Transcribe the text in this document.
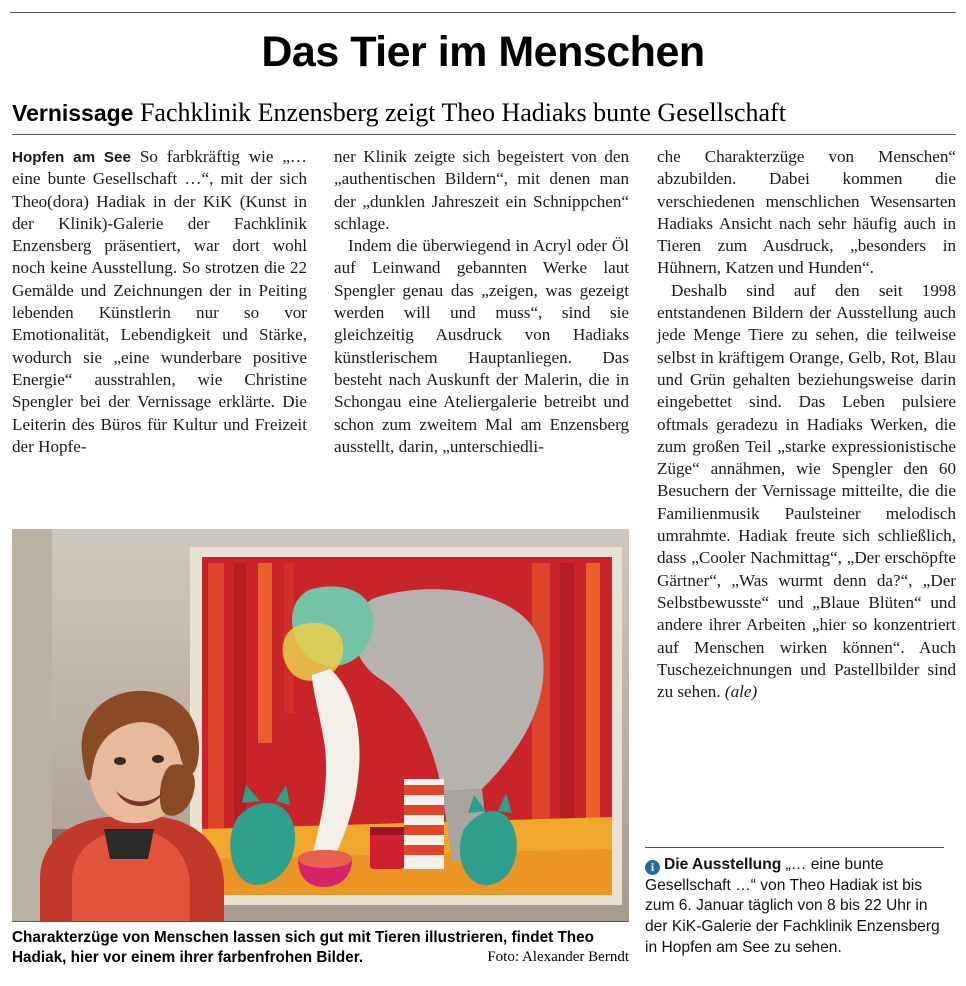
Das Tier im Menschen
Vernissage Fachklinik Enzensberg zeigt Theo Hadiaks bunte Gesellschaft

Hopfen am See So farbkräftig wie „… eine bunte Gesellschaft …“, mit der sich Theo(dora) Hadiak in der KiK (Kunst in der Klinik)-Galerie der Fachklinik Enzensberg präsentiert, war dort wohl noch keine Ausstellung. So strotzen die 22 Gemälde und Zeichnungen der in Peiting lebenden Künstlerin nur so vor Emotionalität, Lebendigkeit und Stärke, wodurch sie „eine wunderbare positive Energie“ ausstrahlen, wie Christine Spengler bei der Vernissage erklärte. Die Leiterin des Büros für Kultur und Freizeit der Hopfe-

ner Klinik zeigte sich begeistert von den „authentischen Bildern“, mit denen man der „dunklen Jahreszeit ein Schnippchen“ schlage.

Indem die überwiegend in Acryl oder Öl auf Leinwand gebannten Werke laut Spengler genau das „zeigen, was gezeigt werden will und muss“, sind sie gleichzeitig Ausdruck von Hadiaks künstlerischem Hauptanliegen. Das besteht nach Auskunft der Malerin, die in Schongau eine Ateliergalerie betreibt und schon zum zweitem Mal am Enzensberg ausstellt, darin, „unterschiedli-

che Charakterzüge von Menschen“ abzubilden. Dabei kommen die verschiedenen menschlichen Wesensarten Hadiaks Ansicht nach sehr häufig auch in Tieren zum Ausdruck, „besonders in Hühnern, Katzen und Hunden“.

Deshalb sind auf den seit 1998 entstandenen Bildern der Ausstellung auch jede Menge Tiere zu sehen, die teilweise selbst in kräftigem Orange, Gelb, Rot, Blau und Grün gehalten beziehungsweise darin eingebettet sind. Das Leben pulsiere oftmals geradezu in Hadiaks Werken, die zum großen Teil „starke expressionistische Züge“ annähmen, wie Spengler den 60 Besuchern der Vernissage mitteilte, die die Familienmusik Paulsteiner melodisch umrahmte. Hadiak freute sich schließlich, dass „Cooler Nachmittag“, „Der erschöpfte Gärtner“, „Was wurmt denn da?“, „Der Selbstbewusste“ und „Blaue Blüten“ und andere ihrer Arbeiten „hier so konzentriert auf Menschen wirken können“. Auch Tuschezeichnungen und Pastellbilder sind zu sehen. (ale)

Charakterzüge von Menschen lassen sich gut mit Tieren illustrieren, findet Theo
Foto: Alexander Berndt
Hadiak, hier vor einem ihrer farbenfrohen Bilder.
i Die Ausstellung „… eine bunte Gesellschaft …“ von Theo Hadiak ist bis zum 6. Januar täglich von 8 bis 22 Uhr in der KiK-Galerie der Fachklinik Enzensberg in Hopfen am See zu sehen.
